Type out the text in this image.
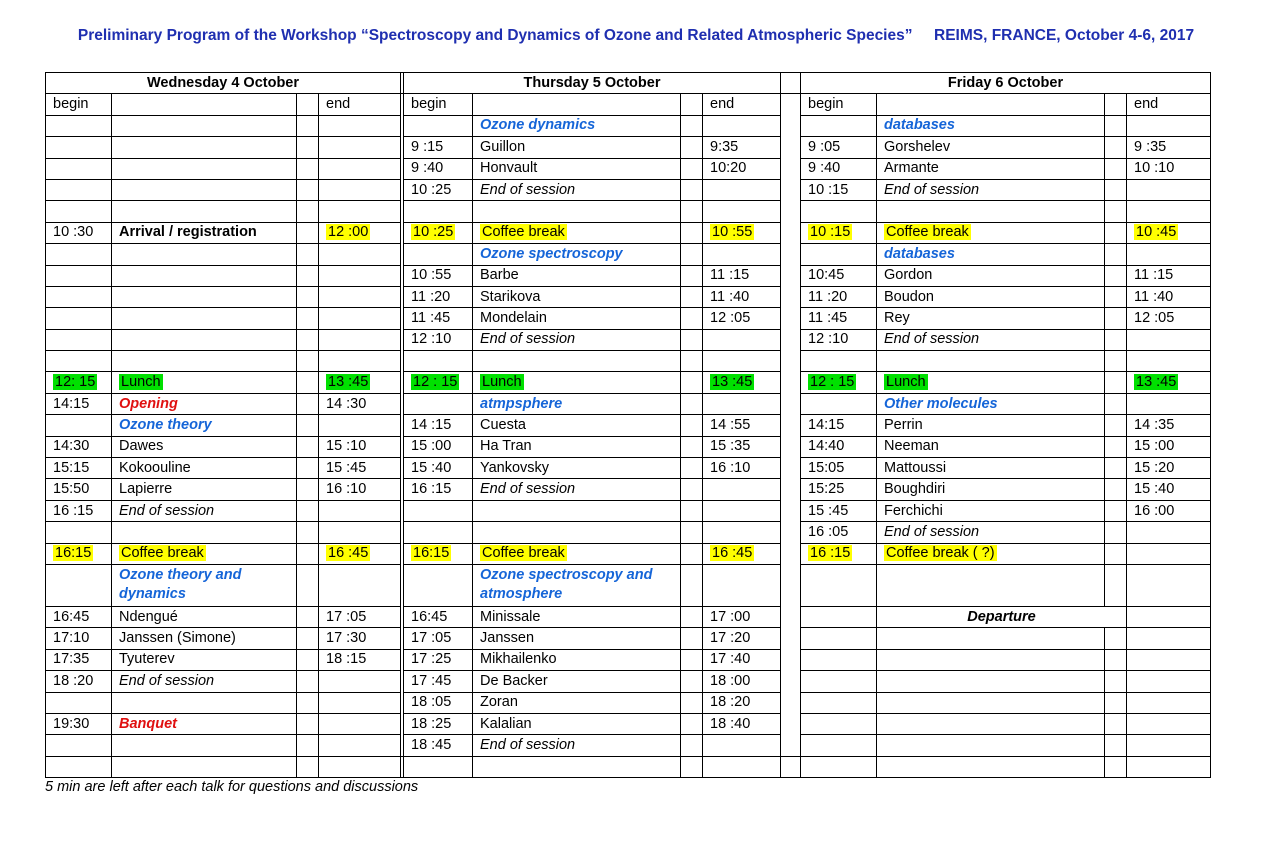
Preliminary Program of the Workshop “Spectroscopy and Dynamics of Ozone and Related Atmospheric Species”     REIMS, FRANCE, October 4-6, 2017
Wednesday 4 October					Thursday 5 October					Friday 6 October			
begin			end		begin			end		begin			end
						Ozone dynamics					databases		
					9 :15	Guillon		9:35		9 :05	Gorshelev		9 :35
					9 :40	Honvault		10:20		9 :40	Armante		10 :10
					10 :25	End of session				10 :15	End of session		

10 :30	Arrival / registration		12 :00		10 :25	Coffee break		10 :55		10 :15	Coffee break		10 :45
						Ozone spectroscopy					databases		
					10 :55	Barbe		11 :15		10:45	Gordon		11 :15
					11 :20	Starikova		11 :40		11 :20	Boudon		11 :40
					11 :45	Mondelain		12 :05		11 :45	Rey		12 :05
					12 :10	End of session				12 :10	End of session		

12: 15	Lunch		13 :45		12 : 15	Lunch		13 :45		12 : 15	Lunch		13 :45
14:15	Opening		14 :30			atmpsphere					Other molecules		
	Ozone theory				14 :15	Cuesta		14 :55		14:15	Perrin		14 :35
14:30	Dawes		15 :10		15 :00	Ha Tran		15 :35		14:40	Neeman		15 :00
15:15	Kokoouline		15 :45		15 :40	Yankovsky		16 :10		15:05	Mattoussi		15 :20
15:50	Lapierre		16 :10		16 :15	End of session				15:25	Boughdiri		15 :40
16 :15	End of session									15 :45	Ferchichi		16 :00
										16 :05	End of session		
16:15	Coffee break		16 :45		16:15	Coffee break		16 :45		16 :15	Coffee break ( ?)		
	Ozone theory and dynamics					Ozone spectroscopy and atmosphere							
16:45	Ndengué		17 :05		16:45	Minissale		17 :00			Departure		
17:10	Janssen (Simone)		17 :30		17 :05	Janssen		17 :20					
17:35	Tyuterev		18 :15		17 :25	Mikhailenko		17 :40					
18 :20	End of session				17 :45	De Backer		18 :00					
					18 :05	Zoran		18 :20					
19:30	Banquet				18 :25	Kalalian		18 :40					
					18 :45	End of session							

5 min are left after each talk for questions and discussions
